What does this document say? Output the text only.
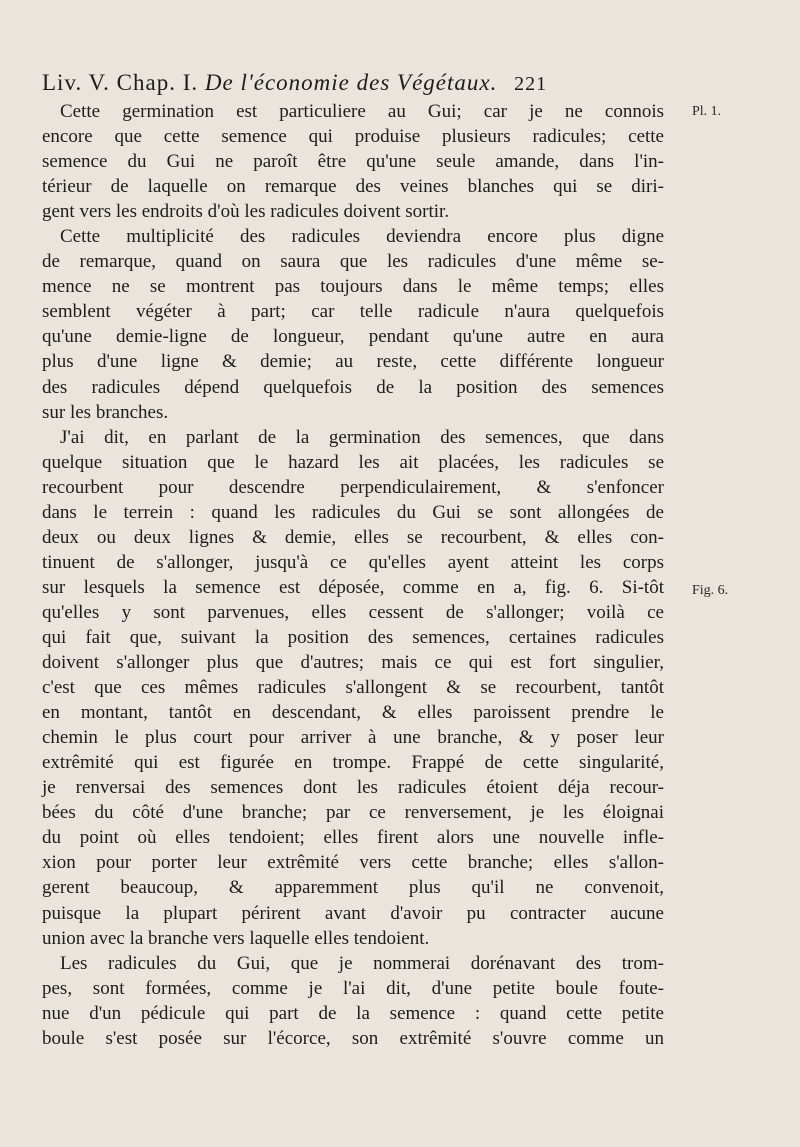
Liv. V. Chap. I. De l'économie des Végétaux. 221
Pl. 1.
Fig. 6.
Cette germination est particuliere au Gui; car je ne connois
encore que cette semence qui produise plusieurs radicules; cette
semence du Gui ne paroît être qu'une seule amande, dans l'in-
térieur de laquelle on remarque des veines blanches qui se diri-
gent vers les endroits d'où les radicules doivent sortir.
Cette multiplicité des radicules deviendra encore plus digne
de remarque, quand on saura que les radicules d'une même se-
mence ne se montrent pas toujours dans le même temps; elles
semblent végéter à part; car telle radicule n'aura quelquefois
qu'une demie-ligne de longueur, pendant qu'une autre en aura
plus d'une ligne & demie; au reste, cette différente longueur
des radicules dépend quelquefois de la position des semences
sur les branches.
J'ai dit, en parlant de la germination des semences, que dans
quelque situation que le hazard les ait placées, les radicules se
recourbent pour descendre perpendiculairement, & s'enfoncer
dans le terrein : quand les radicules du Gui se sont allongées de
deux ou deux lignes & demie, elles se recourbent, & elles con-
tinuent de s'allonger, jusqu'à ce qu'elles ayent atteint les corps
sur lesquels la semence est déposée, comme en a, fig. 6. Si-tôt
qu'elles y sont parvenues, elles cessent de s'allonger; voilà ce
qui fait que, suivant la position des semences, certaines radicules
doivent s'allonger plus que d'autres; mais ce qui est fort singulier,
c'est que ces mêmes radicules s'allongent & se recourbent, tantôt
en montant, tantôt en descendant, & elles paroissent prendre le
chemin le plus court pour arriver à une branche, & y poser leur
extrêmité qui est figurée en trompe. Frappé de cette singularité,
je renversai des semences dont les radicules étoient déja recour-
bées du côté d'une branche; par ce renversement, je les éloignai
du point où elles tendoient; elles firent alors une nouvelle infle-
xion pour porter leur extrêmité vers cette branche; elles s'allon-
gerent beaucoup, & apparemment plus qu'il ne convenoit,
puisque la plupart périrent avant d'avoir pu contracter aucune
union avec la branche vers laquelle elles tendoient.
Les radicules du Gui, que je nommerai dorénavant des trom-
pes, sont formées, comme je l'ai dit, d'une petite boule foute-
nue d'un pédicule qui part de la semence : quand cette petite
boule s'est posée sur l'écorce, son extrêmité s'ouvre comme un
